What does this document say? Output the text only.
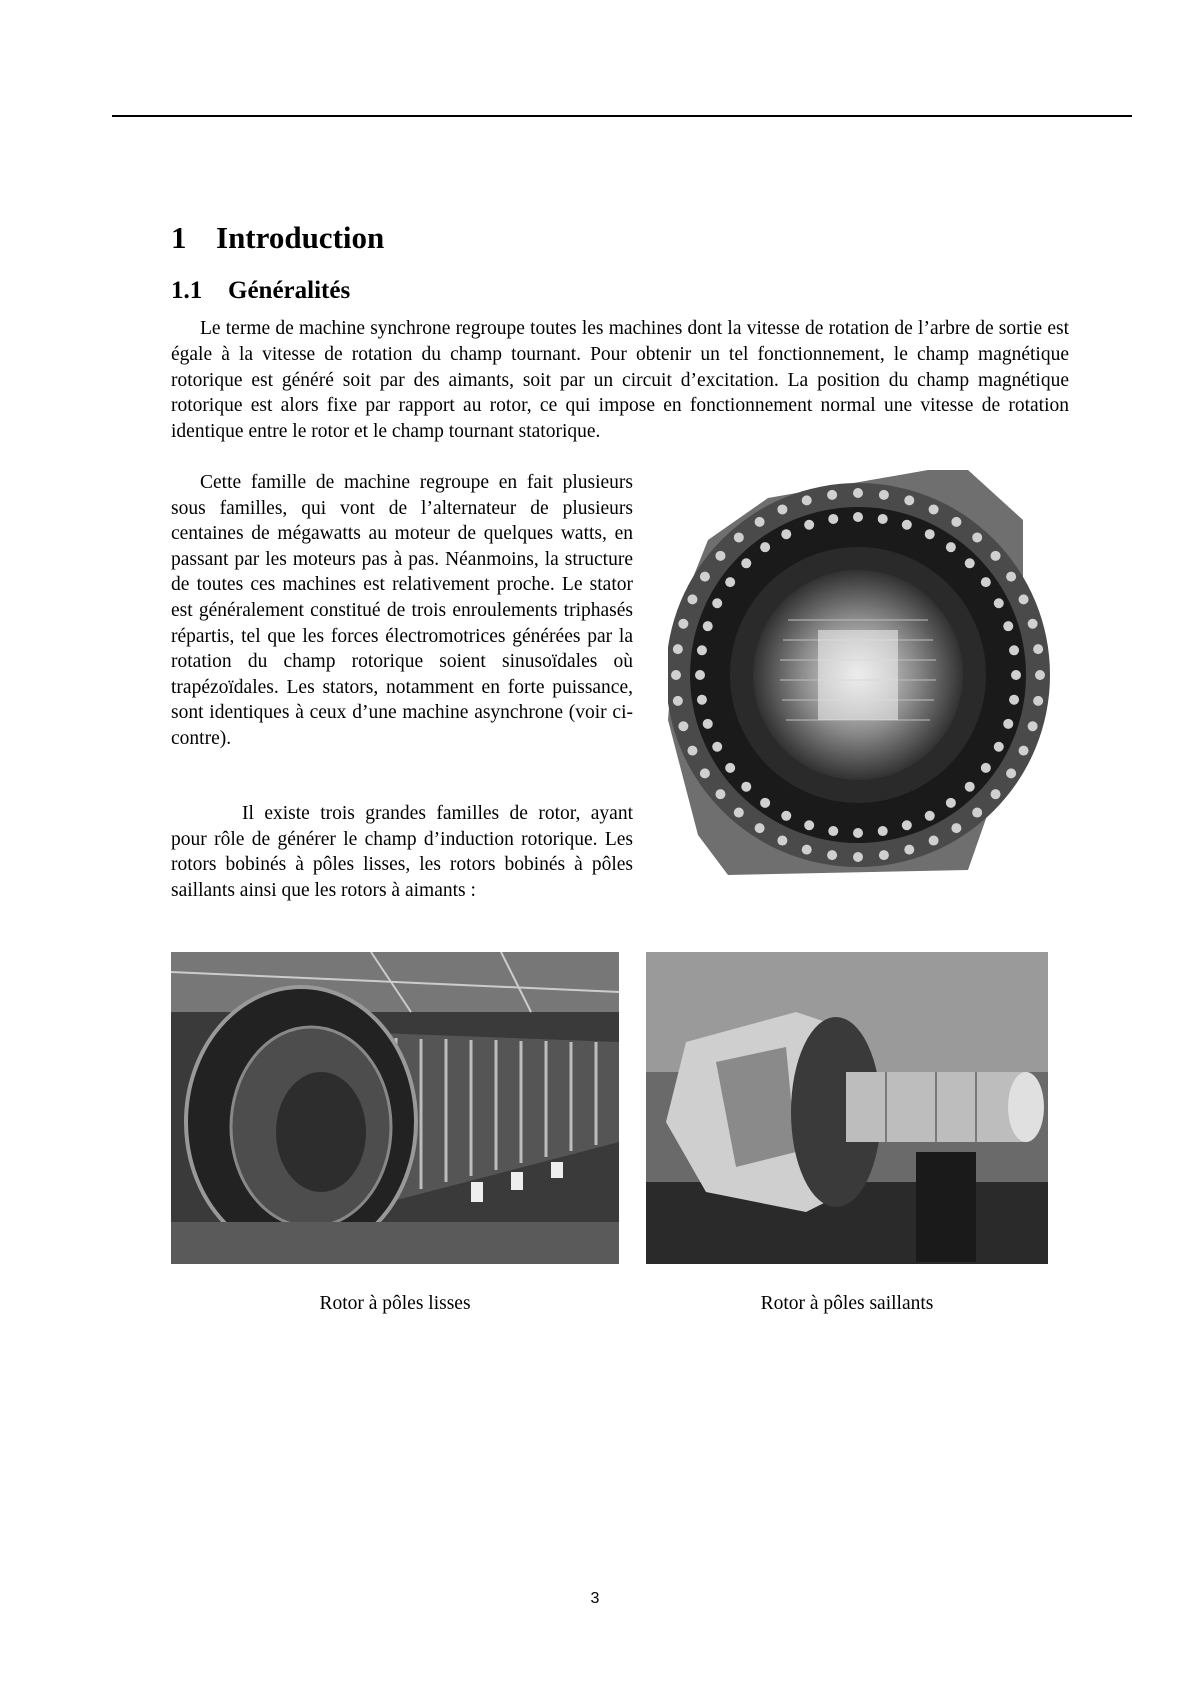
1 Introduction
1.1 Généralités

Le terme de machine synchrone regroupe toutes les machines dont la vitesse de rotation de l’arbre de sortie est égale à la vitesse de rotation du champ tournant. Pour obtenir un tel fonctionnement, le champ magnétique rotorique est généré soit par des aimants, soit par un circuit d’excitation. La position du champ magnétique rotorique est alors fixe par rapport au rotor, ce qui impose en fonctionnement normal une vitesse de rotation identique entre le rotor et le champ tournant statorique.

Cette famille de machine regroupe en fait plusieurs sous familles, qui vont de l’alternateur de plusieurs centaines de mégawatts au moteur de quelques watts, en passant par les moteurs pas à pas. Néanmoins, la structure de toutes ces machines est relativement proche. Le stator est généralement constitué de trois enroulements triphasés répartis, tel que les forces électromotrices générées par la rotation du champ rotorique soient sinusoïdales où trapézoïdales. Les stators, notamment en forte puissance, sont identiques à ceux d’une machine asynchrone (voir ci-contre).

Il existe trois grandes familles de rotor, ayant pour rôle de générer le champ d’induction rotorique. Les rotors bobinés à pôles lisses, les rotors bobinés à pôles saillants ainsi que les rotors à aimants :

Rotor à pôles lisses	Rotor à pôles saillants
3
